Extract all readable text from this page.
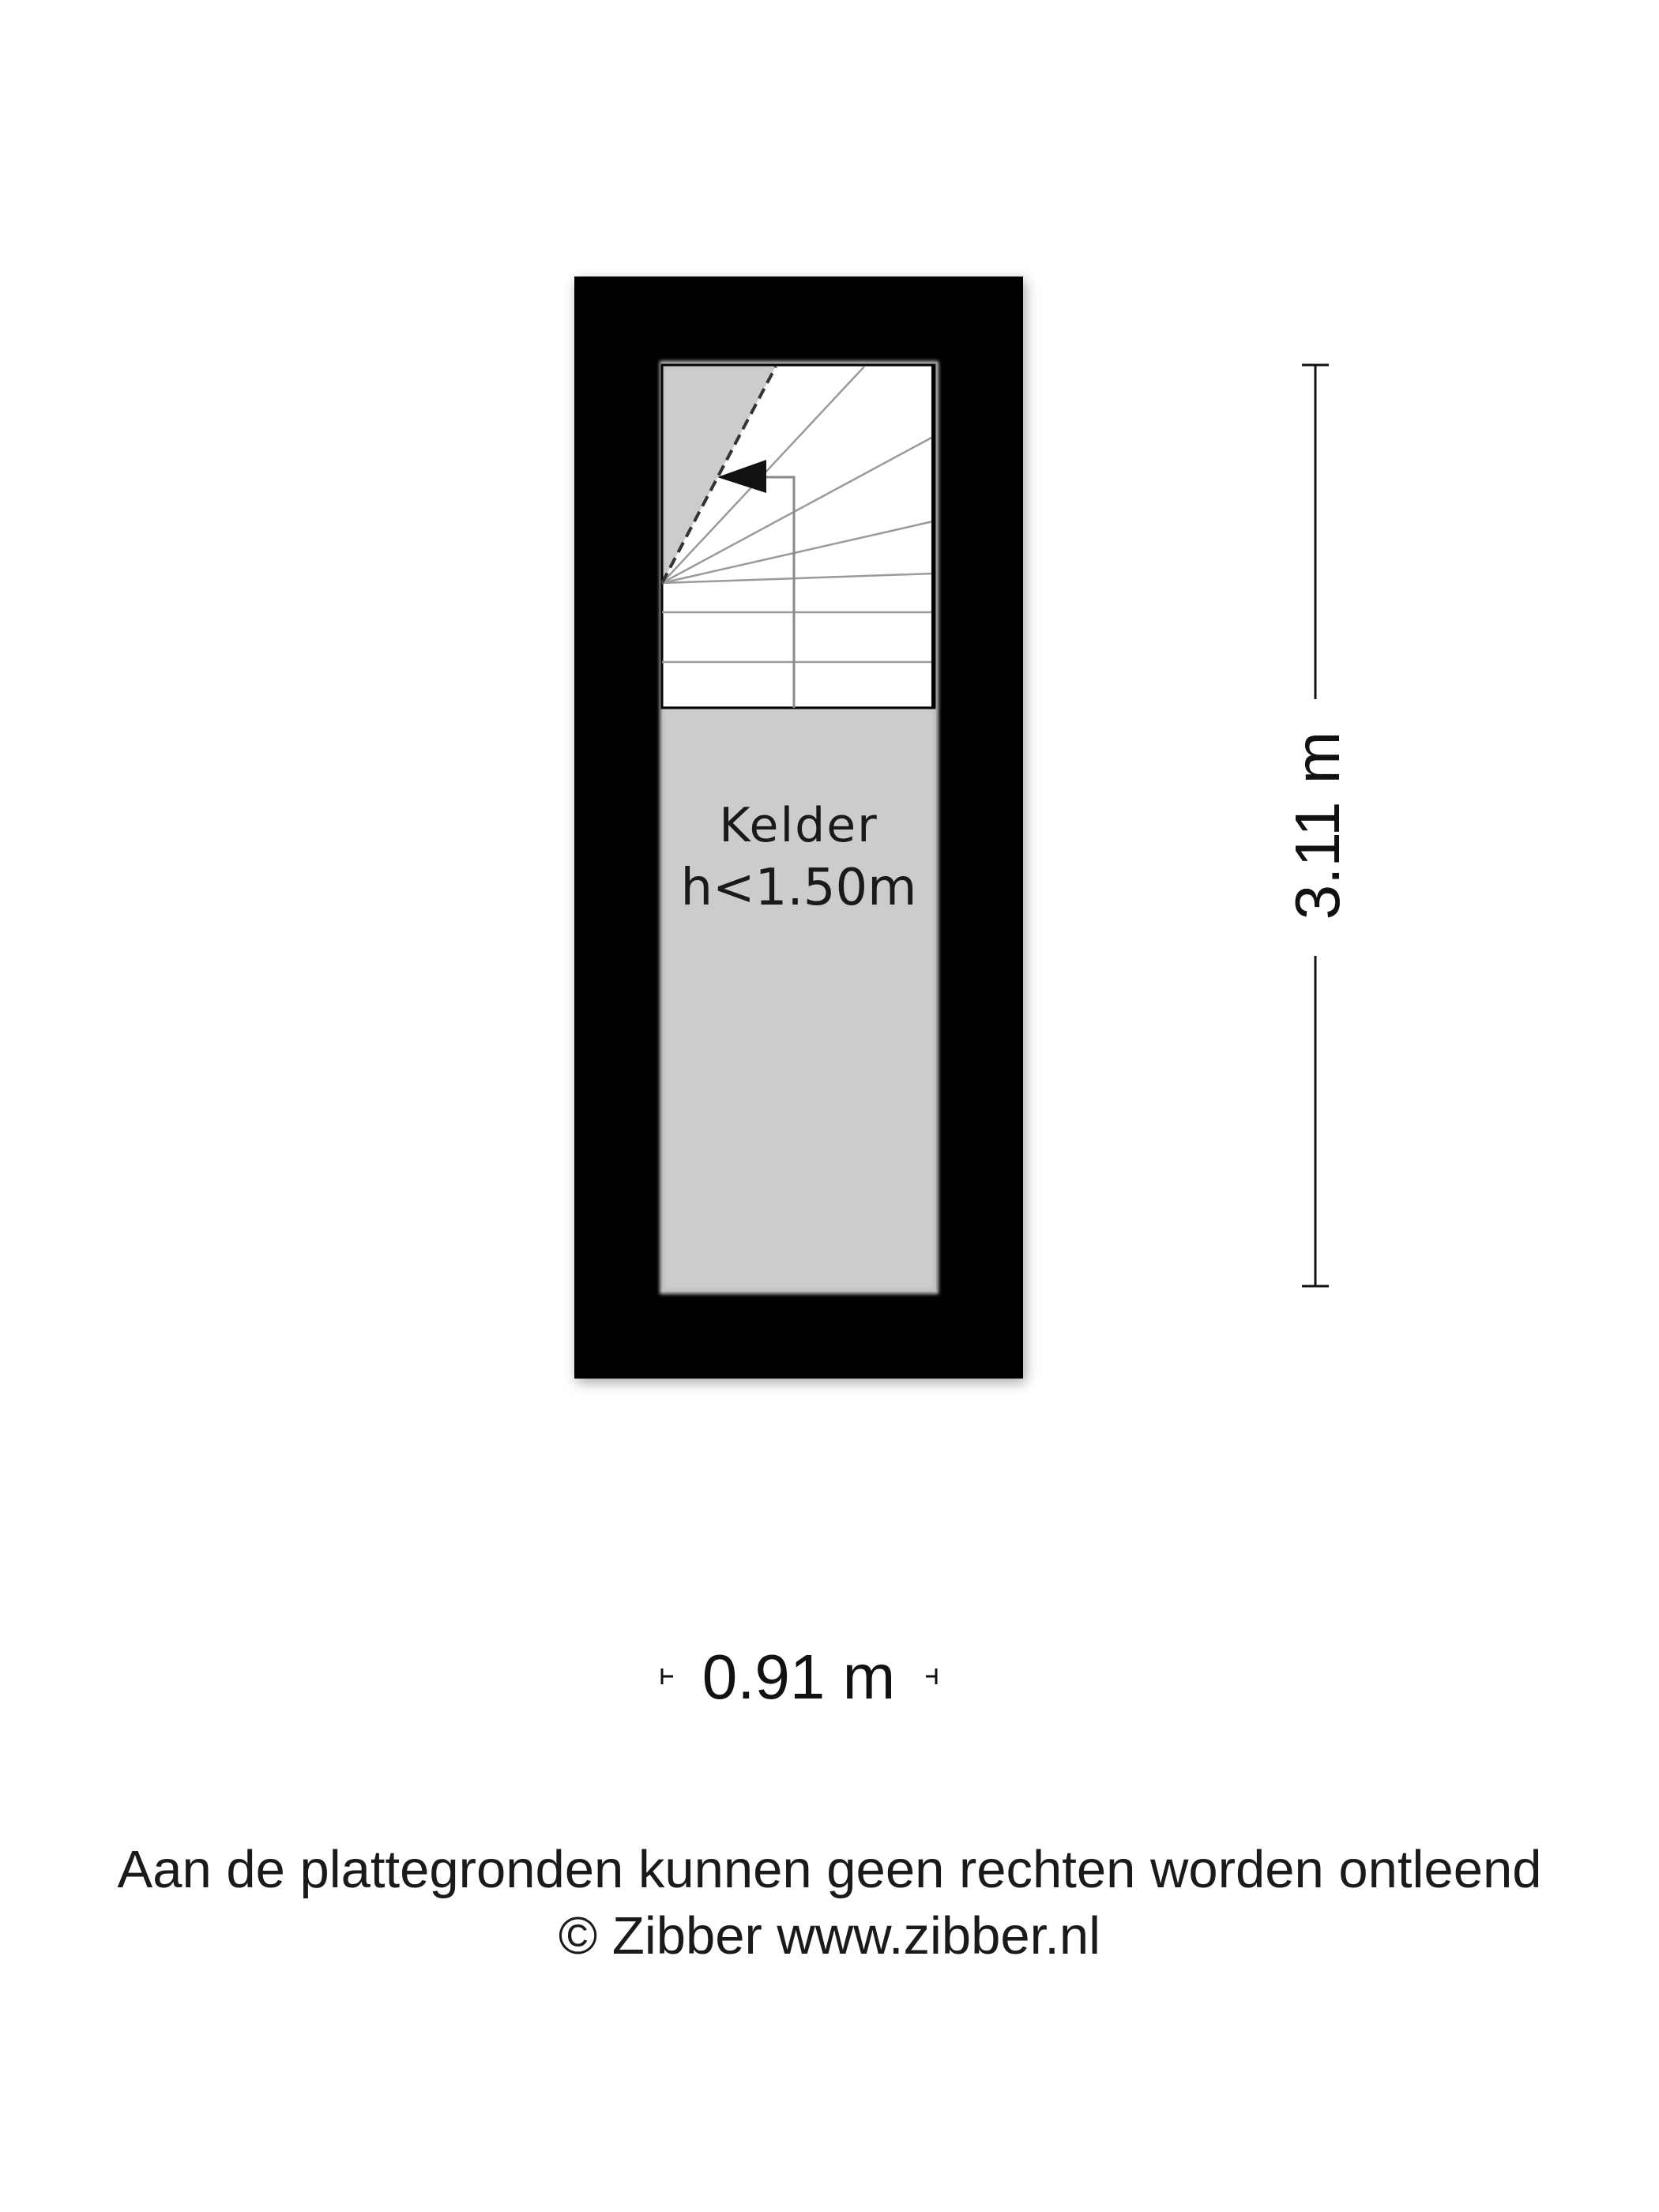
Kelder
h<1.50m	3.11 m
0.91 m
Aan de plattegronden kunnen geen rechten worden ontleend
© Zibber www.zibber.nl
